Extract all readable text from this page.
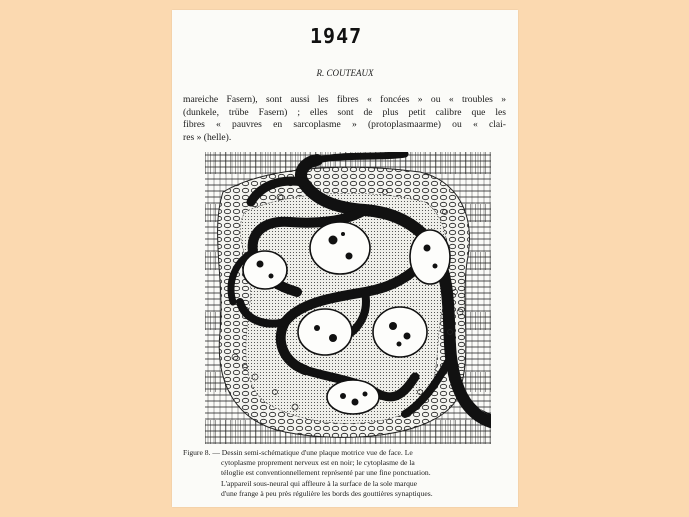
1947
R. COUTEAUX

mareiche Fasern), sont aussi les fibres « foncées » ou « troubles »
(dunkele, trübe Fasern) ; elles sont de plus petit calibre que les
fibres « pauvres en sarcoplasme » (protoplasmaarme) ou « clai-
res » (helle).

Figure 8. — Dessin semi-schématique d'une plaque motrice vue de face. Le
cytoplasme proprement nerveux est en noir; le cytoplasme de la
téloglie est conventionnellement représenté par une fine ponctuation.
L'appareil sous-neural qui affleure à la surface de la sole marque
d'une frange à peu près régulière les bords des gouttières synaptiques.
